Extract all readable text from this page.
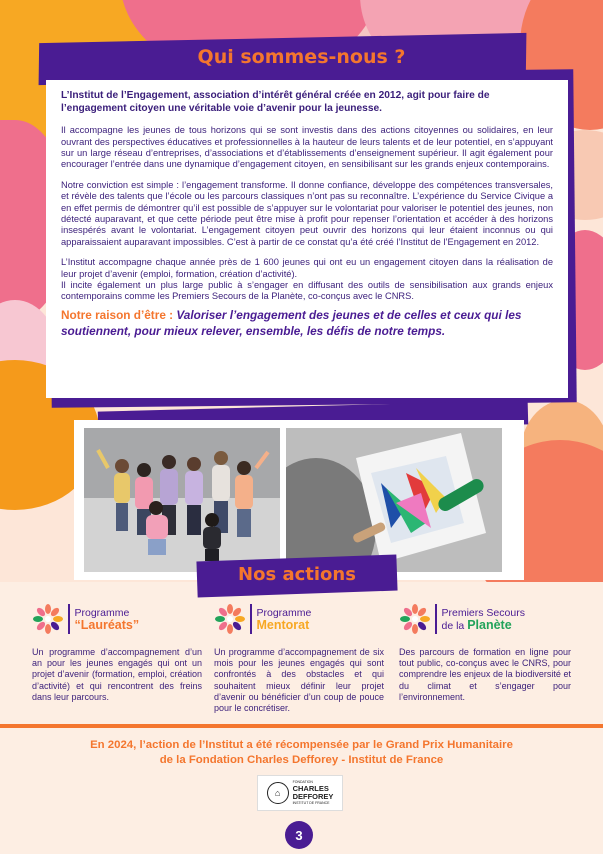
Qui sommes-nous ?

L’Institut de l’Engagement, association d’intérêt général créée en 2012, agit pour faire de l’engagement citoyen une véritable voie d’avenir pour la jeunesse.

Il accompagne les jeunes de tous horizons qui se sont investis dans des actions citoyennes ou solidaires, en leur ouvrant des perspectives éducatives et professionnelles à la hauteur de leurs talents et de leur potentiel, en s’appuyant sur un large réseau d’entreprises, d’associations et d’établissements d’enseignement supérieur. Il agit également pour encourager l’entrée dans une dynamique d’engagement citoyen, en sensibilisant sur les grands enjeux contemporains.

Notre conviction est simple : l’engagement transforme. Il donne confiance, développe des compétences transversales, et révèle des talents que l’école ou les parcours classiques n’ont pas su reconnaître. L’expérience du Service Civique a en effet permis de démontrer qu’il est possible de s’appuyer sur le volontariat pour valoriser le potentiel des jeunes, non détecté auparavant, et que cette période peut être mise à profit pour repenser l’orientation et accéder à des horizons insespérés avant le volontariat. L’engagement citoyen peut ouvrir des horizons qui leur étaient inconnus ou qui apparaissaient auparavant impossibles. C’est à partir de ce constat qu’a été créé l’Institut de l’Engagement en 2012.

L’Institut accompagne chaque année près de 1 600 jeunes qui ont eu un engagement citoyen dans la réalisation de leur projet d’avenir (emploi, formation, création d’activité).

Il incite également un plus large public à s’engager en diffusant des outils de sensibilisation aux grands enjeux contemporains comme les Premiers Secours de la Planète, co-conçus avec le CNRS.

Notre raison d’être : Valoriser l’engagement des jeunes et de celles et ceux qui les soutiennent, pour mieux relever, ensemble, les défis de notre temps.
Nos actions
Programme
“Lauréats”
Un programme d’accompagnement d’un an pour les jeunes engagés qui ont un projet d’avenir (formation, emploi, création d’activité) et qui rencontrent des freins dans leur parcours.
Programme
Mentorat
Un programme d’accompagnement de six mois pour les jeunes engagés qui sont confrontés à des obstacles et qui souhaitent mieux définir leur projet d’avenir ou bénéficier d’un coup de pouce pour le concrétiser.
Premiers Secours
de la Planète
Des parcours de formation en ligne pour tout public, co-conçus avec le CNRS, pour comprendre les enjeux de la biodiversité et du climat et s’engager pour l’environnement.
En 2024, l’action de l’Institut a été récompensée par le Grand Prix Humanitaire
de la Fondation Charles Defforey - Institut de France
⌂
FONDATION
CHARLES
DEFFOREY
INSTITUT DE FRANCE
3
